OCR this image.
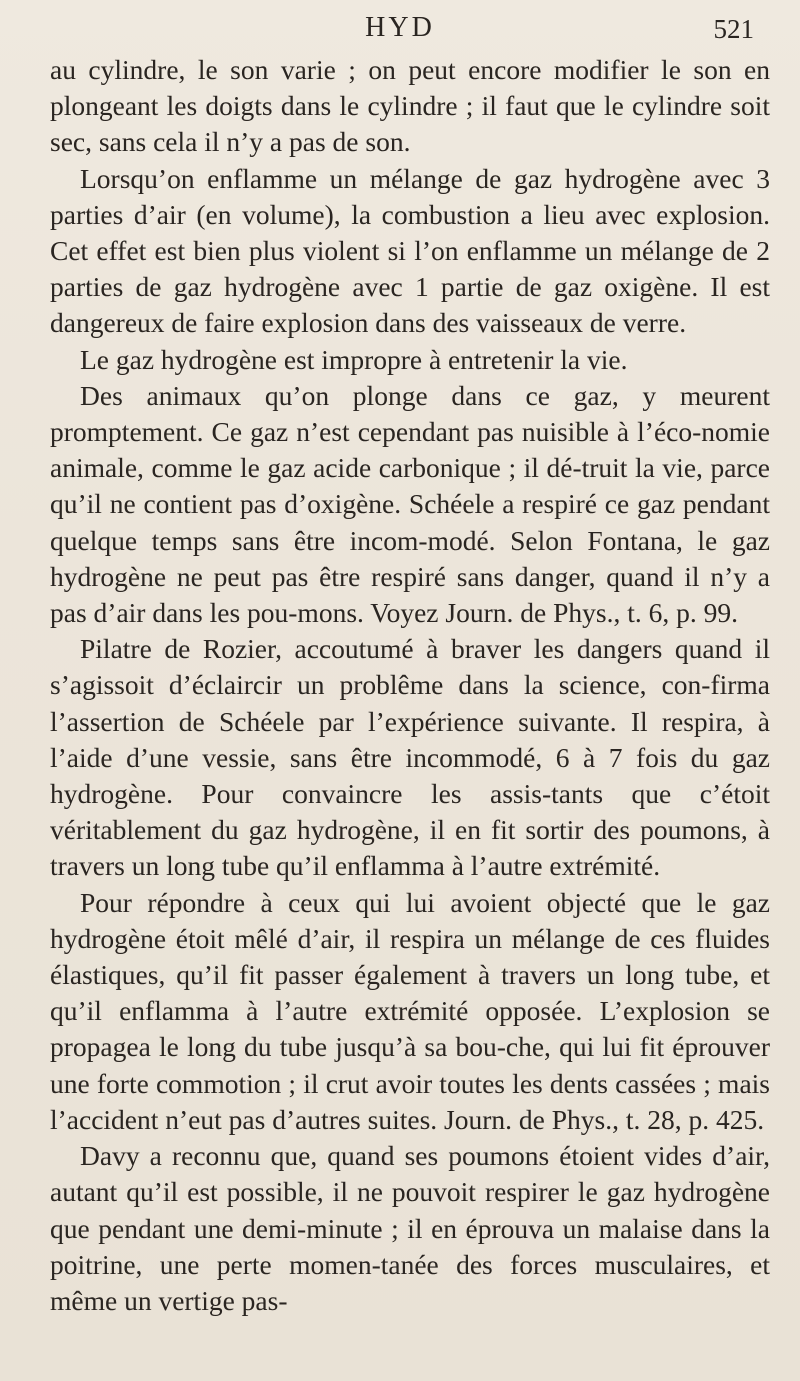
HYD	521

au cylindre, le son varie ; on peut encore modifier le son en plongeant les doigts dans le cylindre ; il faut que le cylindre soit sec, sans cela il n’y a pas de son.

Lorsqu’on enflamme un mélange de gaz hydrogène avec 3 parties d’air (en volume), la combustion a lieu avec explosion. Cet effet est bien plus violent si l’on enflamme un mélange de 2 parties de gaz hydrogène avec 1 partie de gaz oxigène. Il est dangereux de faire explosion dans des vaisseaux de verre.

Le gaz hydrogène est impropre à entretenir la vie.

Des animaux qu’on plonge dans ce gaz, y meurent promptement. Ce gaz n’est cependant pas nuisible à l’éco-nomie animale, comme le gaz acide carbonique ; il dé-truit la vie, parce qu’il ne contient pas d’oxigène. Schéele a respiré ce gaz pendant quelque temps sans être incom-modé. Selon Fontana, le gaz hydrogène ne peut pas être respiré sans danger, quand il n’y a pas d’air dans les pou-mons. Voyez Journ. de Phys., t. 6, p. 99.

Pilatre de Rozier, accoutumé à braver les dangers quand il s’agissoit d’éclaircir un problême dans la science, con-firma l’assertion de Schéele par l’expérience suivante. Il respira, à l’aide d’une vessie, sans être incommodé, 6 à 7 fois du gaz hydrogène. Pour convaincre les assis-tants que c’étoit véritablement du gaz hydrogène, il en fit sortir des poumons, à travers un long tube qu’il enflamma à l’autre extrémité.

Pour répondre à ceux qui lui avoient objecté que le gaz hydrogène étoit mêlé d’air, il respira un mélange de ces fluides élastiques, qu’il fit passer également à travers un long tube, et qu’il enflamma à l’autre extrémité opposée. L’explosion se propagea le long du tube jusqu’à sa bou-che, qui lui fit éprouver une forte commotion ; il crut avoir toutes les dents cassées ; mais l’accident n’eut pas d’autres suites. Journ. de Phys., t. 28, p. 425.

Davy a reconnu que, quand ses poumons étoient vides d’air, autant qu’il est possible, il ne pouvoit respirer le gaz hydrogène que pendant une demi-minute ; il en éprouva un malaise dans la poitrine, une perte momen-tanée des forces musculaires, et même un vertige pas-
